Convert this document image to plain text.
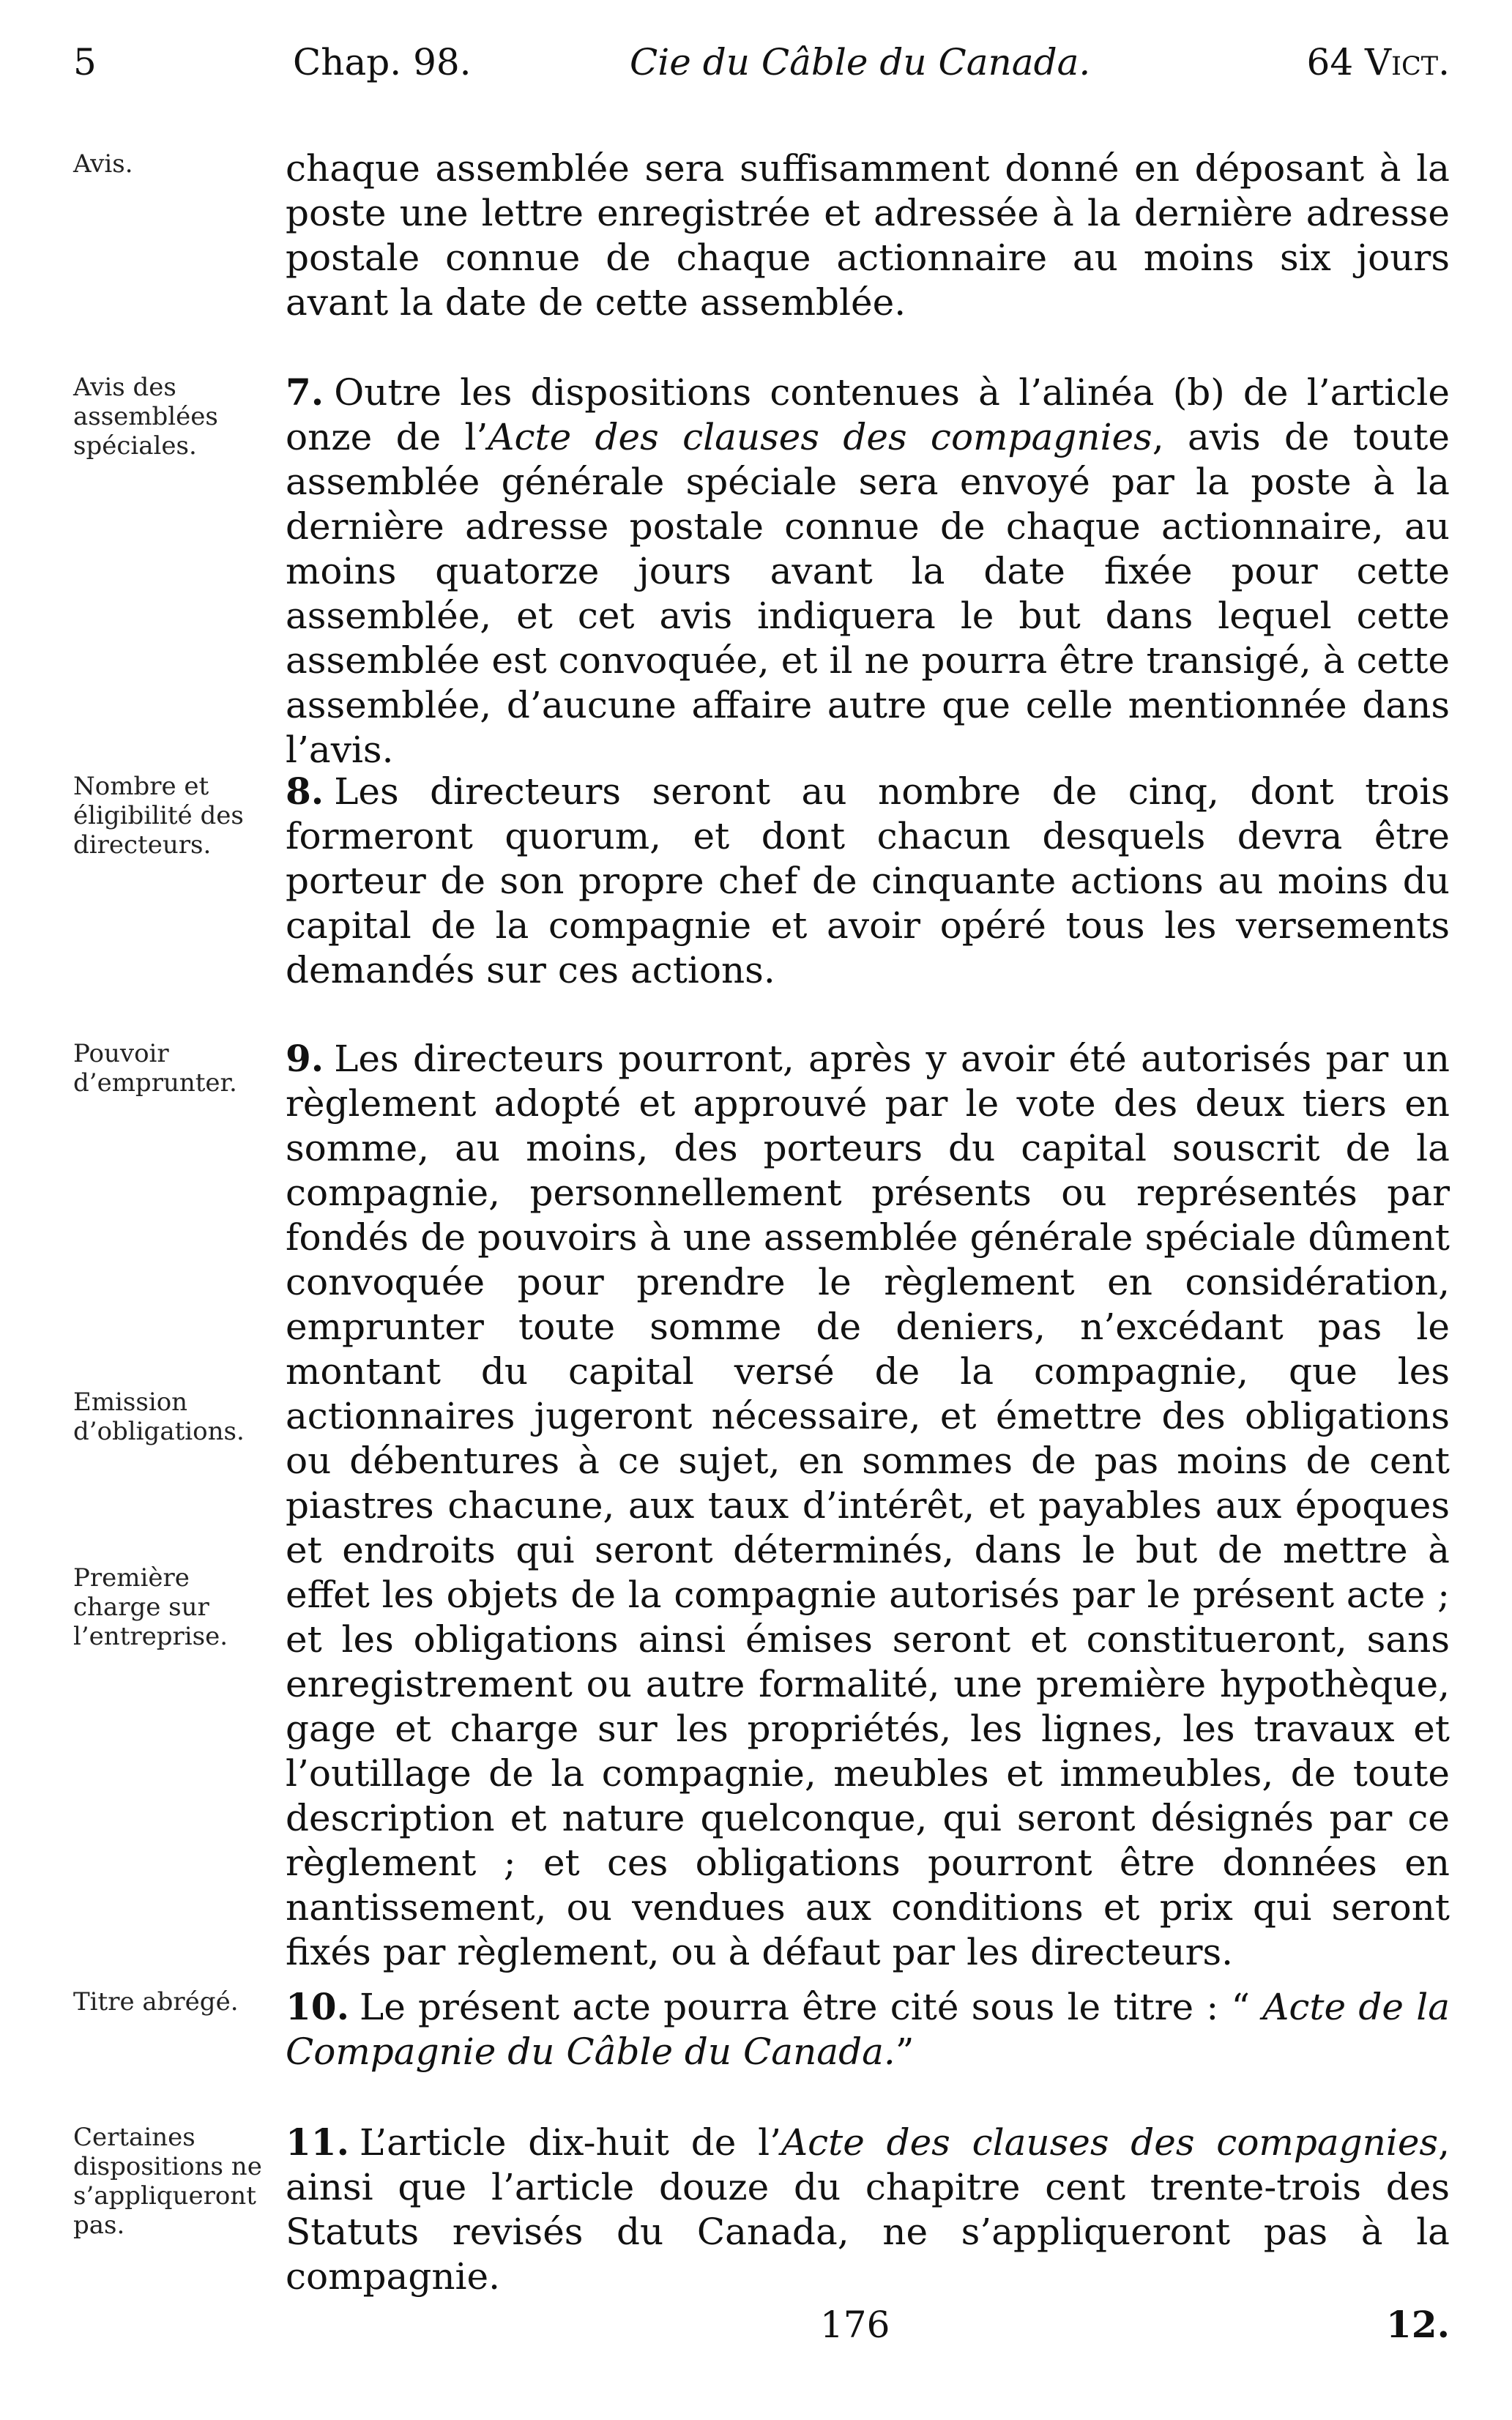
5	Chap. 98.	Cie du Câble du Canada.	64 Vict.
Avis.	chaque assemblée sera suffisamment donné en déposant à la poste une lettre enregistrée et adressée à la dernière adresse postale connue de chaque actionnaire au moins six jours avant la date de cette assemblée.
Avis des assemblées spéciales.
7. Outre les dispositions contenues à l’alinéa (b) de l’article onze de l’Acte des clauses des compagnies, avis de toute assemblée générale spéciale sera envoyé par la poste à la dernière adresse postale connue de chaque actionnaire, au moins quatorze jours avant la date fixée pour cette assemblée, et cet avis indiquera le but dans lequel cette assemblée est convoquée, et il ne pourra être transigé, à cette assemblée, d’aucune affaire autre que celle mentionnée dans l’avis.
Nombre et éligibilité des directeurs.
8. Les directeurs seront au nombre de cinq, dont trois formeront quorum, et dont chacun desquels devra être porteur de son propre chef de cinquante actions au moins du capital de la compagnie et avoir opéré tous les versements demandés sur ces actions.
Pouvoir d’emprunter.
Emission d’obligations.
Première charge sur l’entreprise.
9. Les directeurs pourront, après y avoir été autorisés par un règlement adopté et approuvé par le vote des deux tiers en somme, au moins, des porteurs du capital souscrit de la compagnie, personnellement présents ou représentés par fondés de pouvoirs à une assemblée générale spéciale dûment convoquée pour prendre le règlement en considération, emprunter toute somme de deniers, n’excédant pas le montant du capital versé de la compagnie, que les actionnaires jugeront nécessaire, et émettre des obligations ou débentures à ce sujet, en sommes de pas moins de cent piastres chacune, aux taux d’intérêt, et payables aux époques et endroits qui seront déterminés, dans le but de mettre à effet les objets de la compagnie autorisés par le présent acte ; et les obligations ainsi émises seront et constitueront, sans enregistrement ou autre formalité, une première hypothèque, gage et charge sur les propriétés, les lignes, les travaux et l’outillage de la compagnie, meubles et immeubles, de toute description et nature quelconque, qui seront désignés par ce règlement ; et ces obligations pourront être données en nantissement, ou vendues aux conditions et prix qui seront fixés par règlement, ou à défaut par les directeurs.
Titre abrégé.	10. Le présent acte pourra être cité sous le titre : “ Acte de la Compagnie du Câble du Canada.”
Certaines dispositions ne s’appliqueront pas.
11. L’article dix-huit de l’Acte des clauses des compagnies, ainsi que l’article douze du chapitre cent trente-trois des Statuts revisés du Canada, ne s’appliqueront pas à la compagnie.
176	12.
